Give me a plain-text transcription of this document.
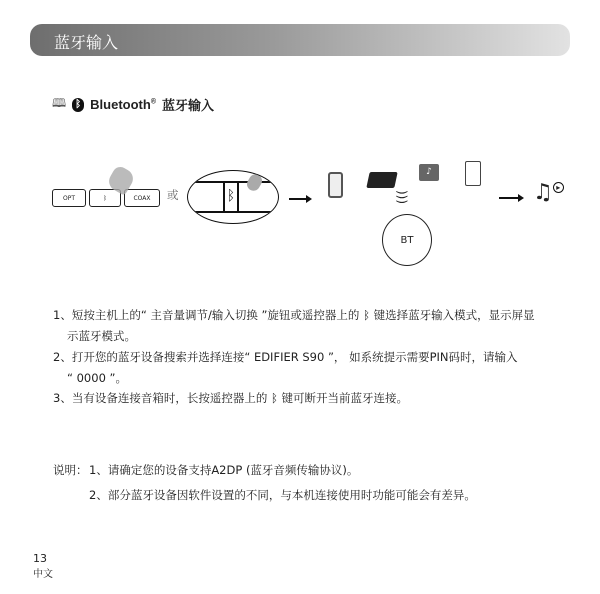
蓝牙输入
🕮 ᛒ Bluetooth® 蓝牙输入
OPT	ᛒ	COAX	或	ᛒ
♪
)))
BT
♫ ▸
1、短按主机上的“ 主音量调节/输入切换 ”旋钮或遥控器上的 ᛒ 键选择蓝牙输入模式，显示屏显
示蓝牙模式。
2、打开您的蓝牙设备搜索并选择连接“ EDIFIER S90 ”， 如系统提示需要PIN码时，请输入
“ 0000 ”。
3、当有设备连接音箱时，长按遥控器上的 ᛒ 键可断开当前蓝牙连接。
说明： 1、请确定您的设备支持A2DP (蓝牙音频传输协议)。
2、部分蓝牙设备因软件设置的不同，与本机连接使用时功能可能会有差异。
13
中文
